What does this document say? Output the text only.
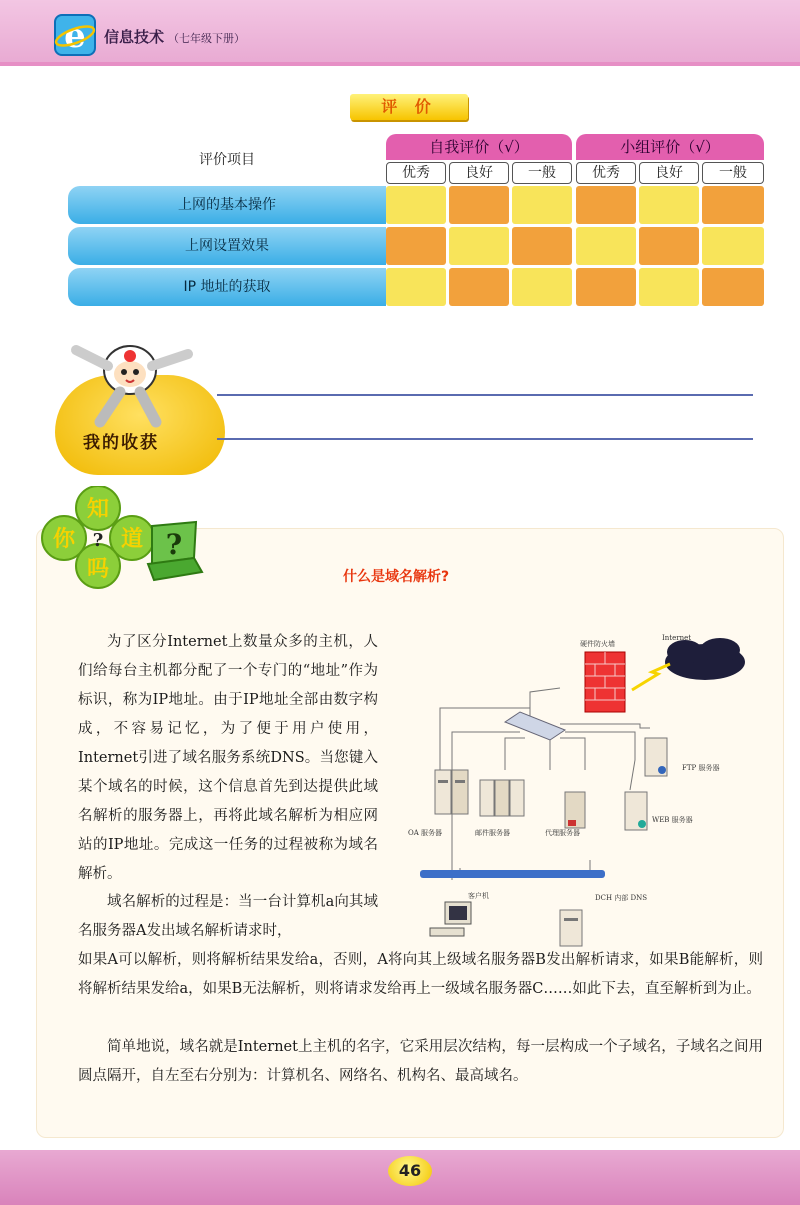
e 信息技术 （七年级下册）
评 价
评价项目
自我评价（√）	小组评价（√）
优秀	良好	一般	优秀	良好	一般
上网的基本操作
上网设置效果
IP 地址的获取
我的收获
知
你 ? 道
吗
?
什么是域名解析?
为了区分Internet上数量众多的主机，人们给每台主机都分配了一个专门的“地址”作为标识，称为IP地址。由于IP地址全部由数字构成，不容易记忆，为了便于用户使用，Internet引进了域名服务系统DNS。当您键入某个域名的时候，这个信息首先到达提供此域名解析的服务器上，再将此域名解析为相应网站的IP地址。完成这一任务的过程被称为域名解析。
域名解析的过程是：当一台计算机a向其域名服务器A发出域名解析请求时，
如果A可以解析，则将解析结果发给a，否则，A将向其上级域名服务器B发出解析请求，如果B能解析，则将解析结果发给a，如果B无法解析，则将请求发给再上一级域名服务器C……如此下去，直至解析到为止。
简单地说，域名就是Internet上主机的名字，它采用层次结构，每一层构成一个子域名，子域名之间用圆点隔开，自左至右分别为：计算机名、网络名、机构名、最高域名。
硬件防火墙
Internet
OA 服务器	邮件服务器	代理服务器
FTP 服务器
WEB 服务器
客户机	DCH 内部 DNS
46
